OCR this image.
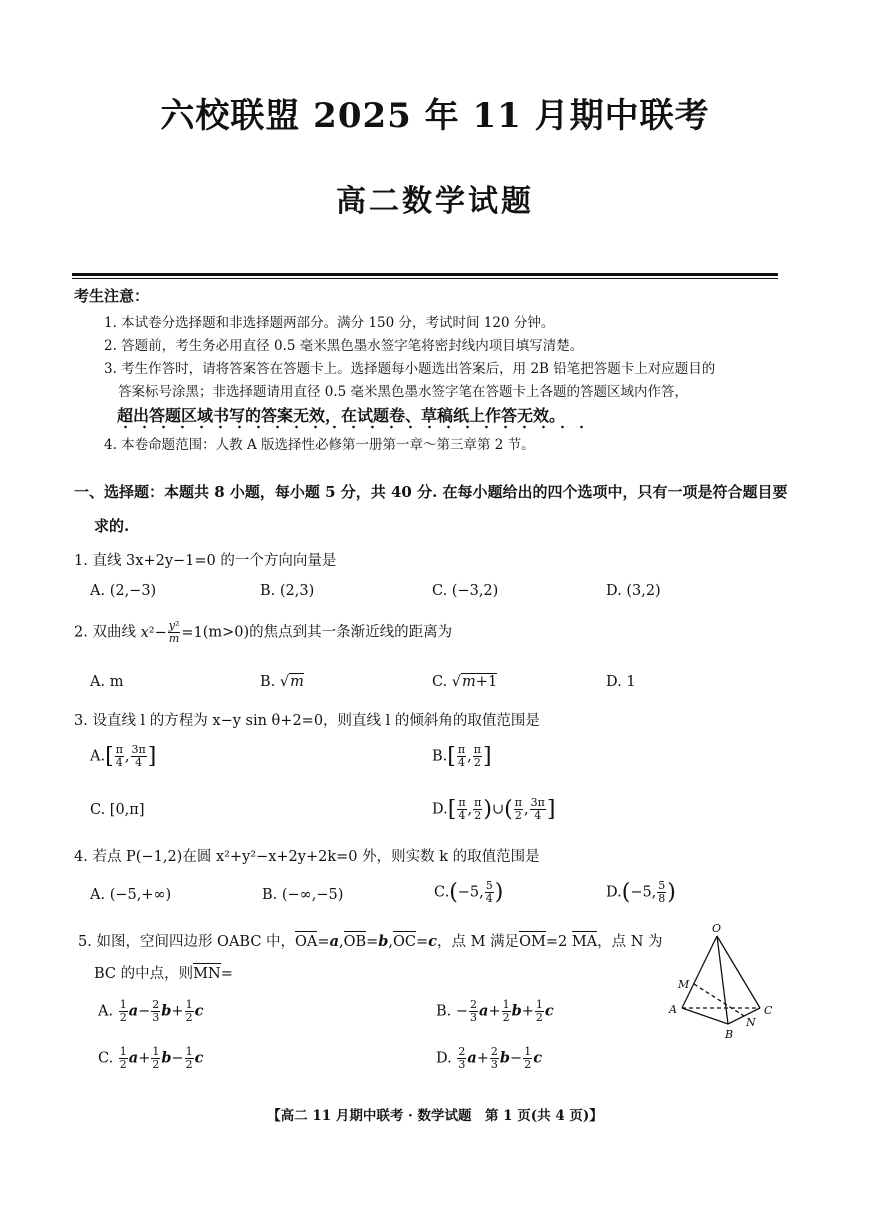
六校联盟 2025 年 11 月期中联考
高二数学试题
考生注意：
1. 本试卷分选择题和非选择题两部分。满分 150 分，考试时间 120 分钟。
2. 答题前，考生务必用直径 0.5 毫米黑色墨水签字笔将密封线内项目填写清楚。
3. 考生作答时，请将答案答在答题卡上。选择题每小题选出答案后，用 2B 铅笔把答题卡上对应题目的
答案标号涂黑；非选择题请用直径 0.5 毫米黑色墨水签字笔在答题卡上各题的答题区域内作答，
超出答题区域书写的答案无效，在试题卷、草稿纸上作答无效。
4. 本卷命题范围：人教 A 版选择性必修第一册第一章～第三章第 2 节。
一、选择题：本题共 8 小题，每小题 5 分，共 40 分. 在每小题给出的四个选项中，只有一项是符合题目要
求的.
1. 直线 3x+2y−1=0 的一个方向向量是
A. (2,−3)	B. (2,3)	C. (−3,2)	D. (3,2)
2. 双曲线 $x^2- \frac{\text{y²}}{m} =1(m>0)$的焦点到其一条渐近线的距离为
A. m	B. √m	C. √m+1	D. 1
3. 设直线 l 的方程为 x−y sin θ+2=0，则直线 l 的倾斜角的取值范围是
$A.[ \frac{\pi}{4}$ , $\frac{3\pi}{4}$ ]	$B.[ \frac{\pi}{4}$ , $\frac{\pi}{2}$ ]
C. [0,π]	$D.[ \frac{\pi}{4}$ , $\frac{\pi}{2}$ )∪( $\frac{\pi}{2}$ , $\frac{3\pi}{4}$ ]
4. 若点 P(−1,2)在圆 x²+y²−x+2y+2k=0 外，则实数 k 的取值范围是
A. (−5,+∞)	B. (−∞,−5)	C.(−5, $\frac{5}{4}$ )	D.(−5, $\frac{5}{8}$ )
5. 如图，空间四边形 OABC 中，OA=a,OB=b,OC=c，点 M 满足OM=2 MA，点 N 为
BC 的中点，则MN=
A. $\frac{1}{2} a- \frac{2}{3} b+ \frac{1}{2}$ c	B. − $\frac{2}{3} a+ \frac{1}{2} b+ \frac{1}{2}$ c
C. $\frac{1}{2} a+ \frac{1}{2} b- \frac{1}{2}$ c	D. $\frac{2}{3} a+ \frac{2}{3} b- \frac{1}{2}$ c
O
M
A
B
N
C
【高二 11 月期中联考 · 数学试题　第 1 页(共 4 页)】
